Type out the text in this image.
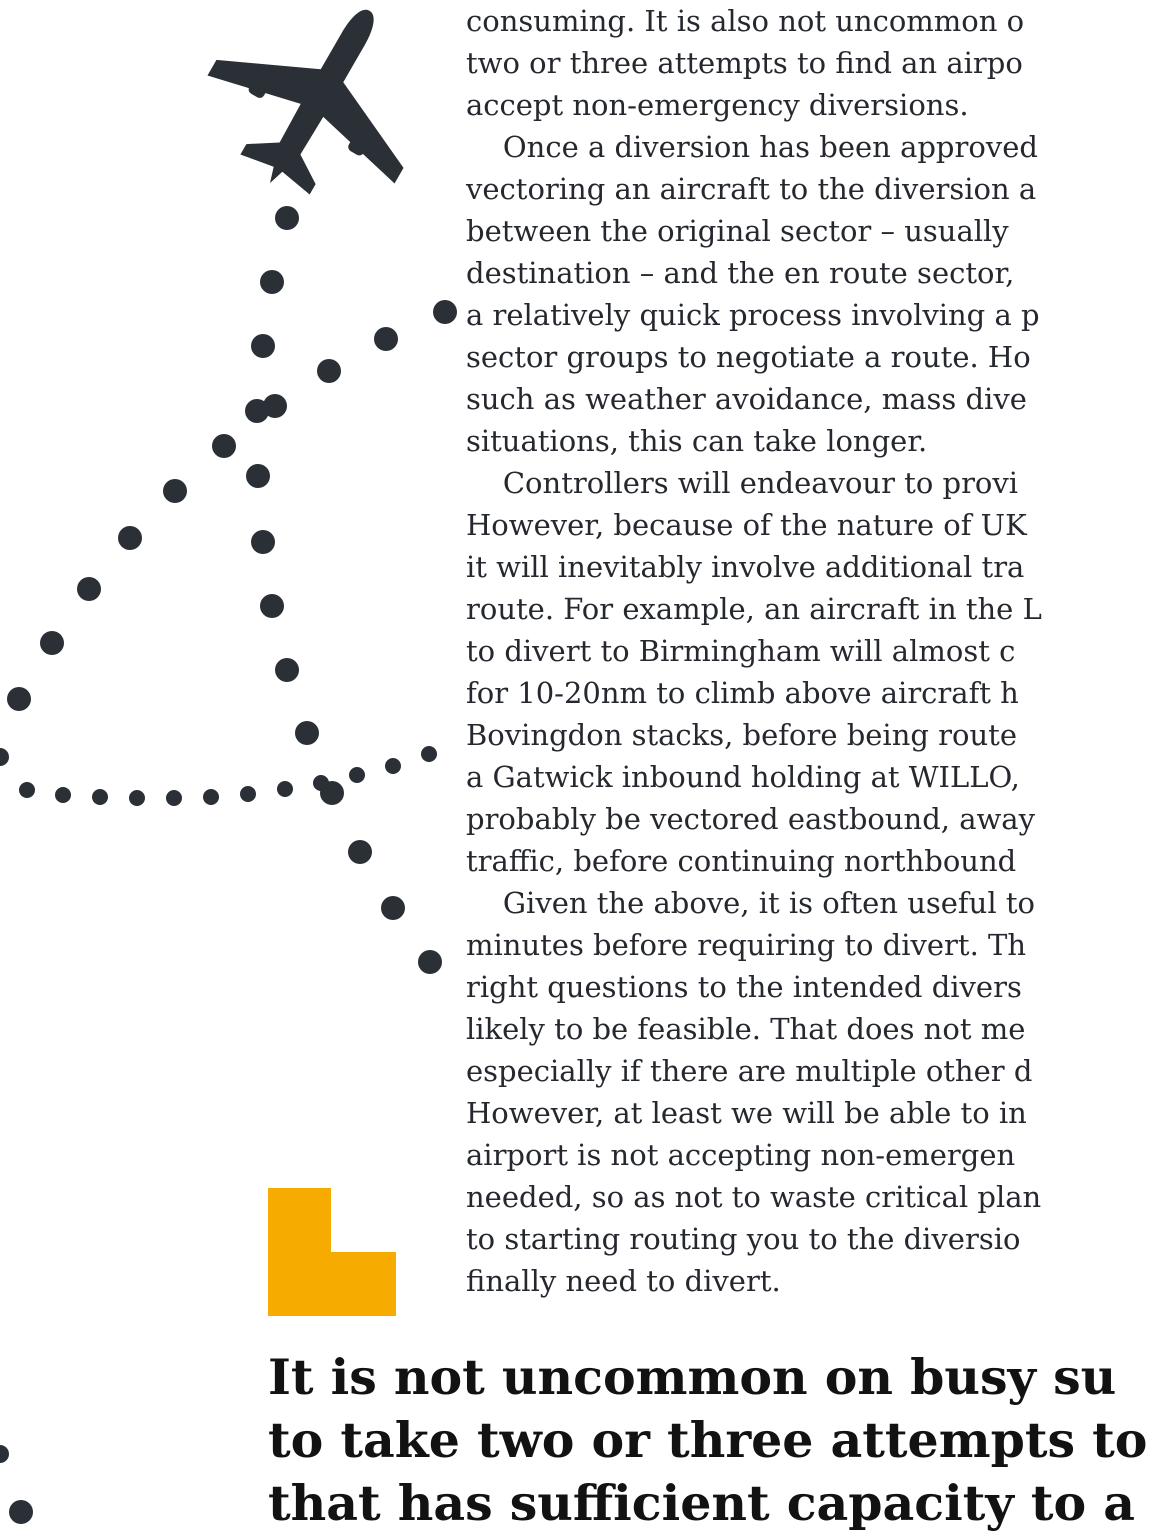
consuming. It is also not uncommon o
two or three attempts to find an airpo
accept non-emergency diversions.
Once a diversion has been approved
vectoring an aircraft to the diversion a
between the original sector – usually
destination – and the en route sector,
a relatively quick process involving a p
sector groups to negotiate a route. Ho
such as weather avoidance, mass dive
situations, this can take longer.
Controllers will endeavour to provi
However, because of the nature of UK
it will inevitably involve additional tra
route. For example, an aircraft in the L
to divert to Birmingham will almost c
for 10-20nm to climb above aircraft h
Bovingdon stacks, before being route
a Gatwick inbound holding at WILLO,
probably be vectored eastbound, away
traffic, before continuing northbound
Given the above, it is often useful to
minutes before requiring to divert. Th
right questions to the intended divers
likely to be feasible. That does not me
especially if there are multiple other d
However, at least we will be able to in
airport is not accepting non-emergen
needed, so as not to waste critical plan
to starting routing you to the diversio
finally need to divert.
It is not uncommon on busy su
to take two or three attempts to
that has sufficient capacity to a
